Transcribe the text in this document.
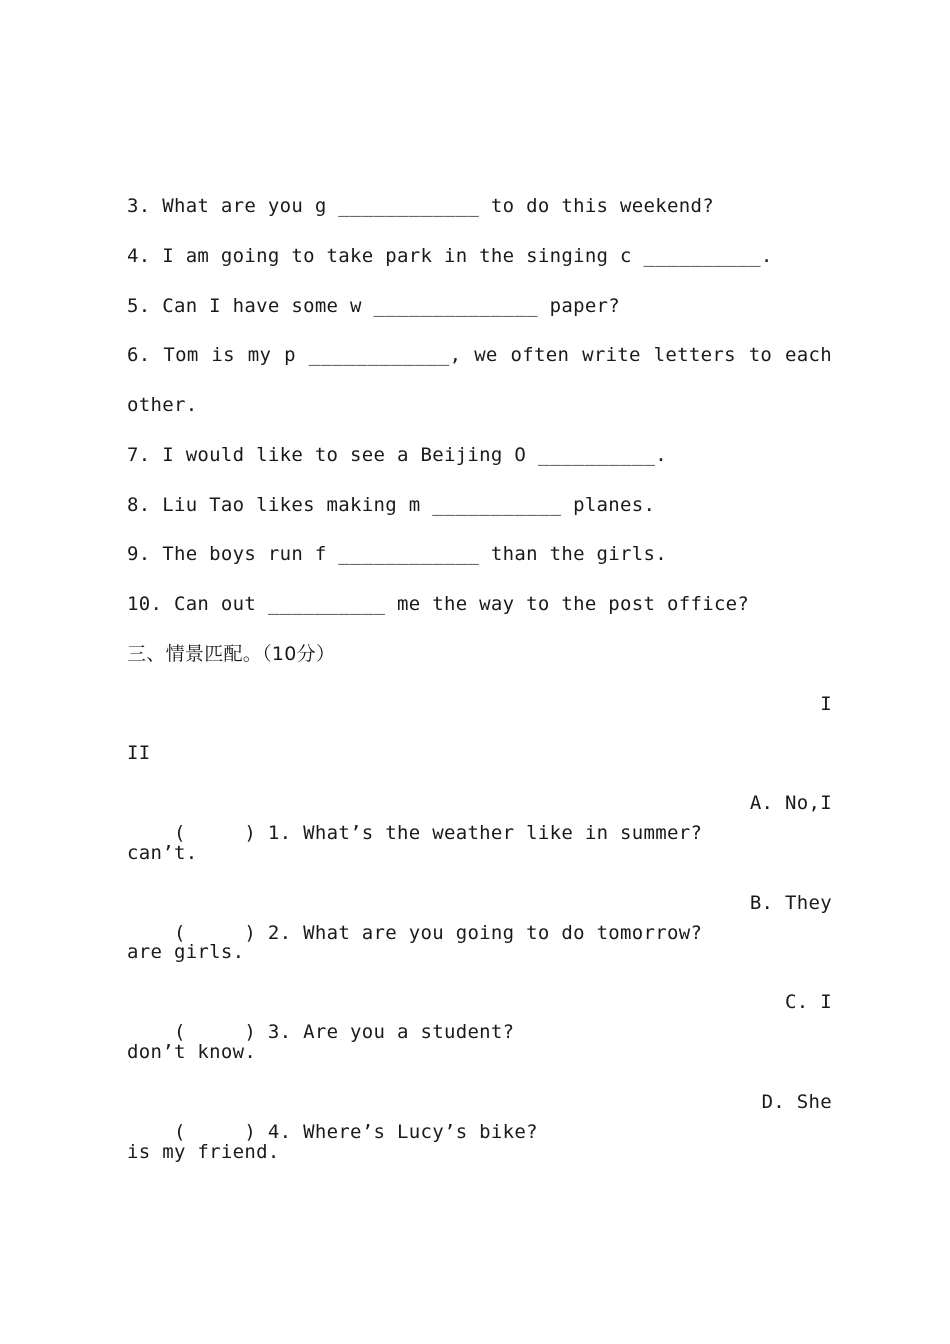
3. What are you g ____________ to do this weekend?
4. I am going to take park in the singing c __________.
5. Can I have some w ______________ paper?
6. Tom is my p ____________, we often write letters to each
other.
7. I would like to see a Beijing O __________.
8. Liu Tao likes making m ___________ planes.
9. The boys run f ____________ than the girls.
10. Can out __________ me the way to the post office?
三、情景匹配。（10分）

I

II

(     ) 1. What’s the weather like in summer?

A. No,I

can’t.

(     ) 2. What are you going to do tomorrow?

B. They

are girls.

(     ) 3. Are you a student?

C. I

don’t know.

(     ) 4. Where’s Lucy’s bike?

D. She

is my friend.
